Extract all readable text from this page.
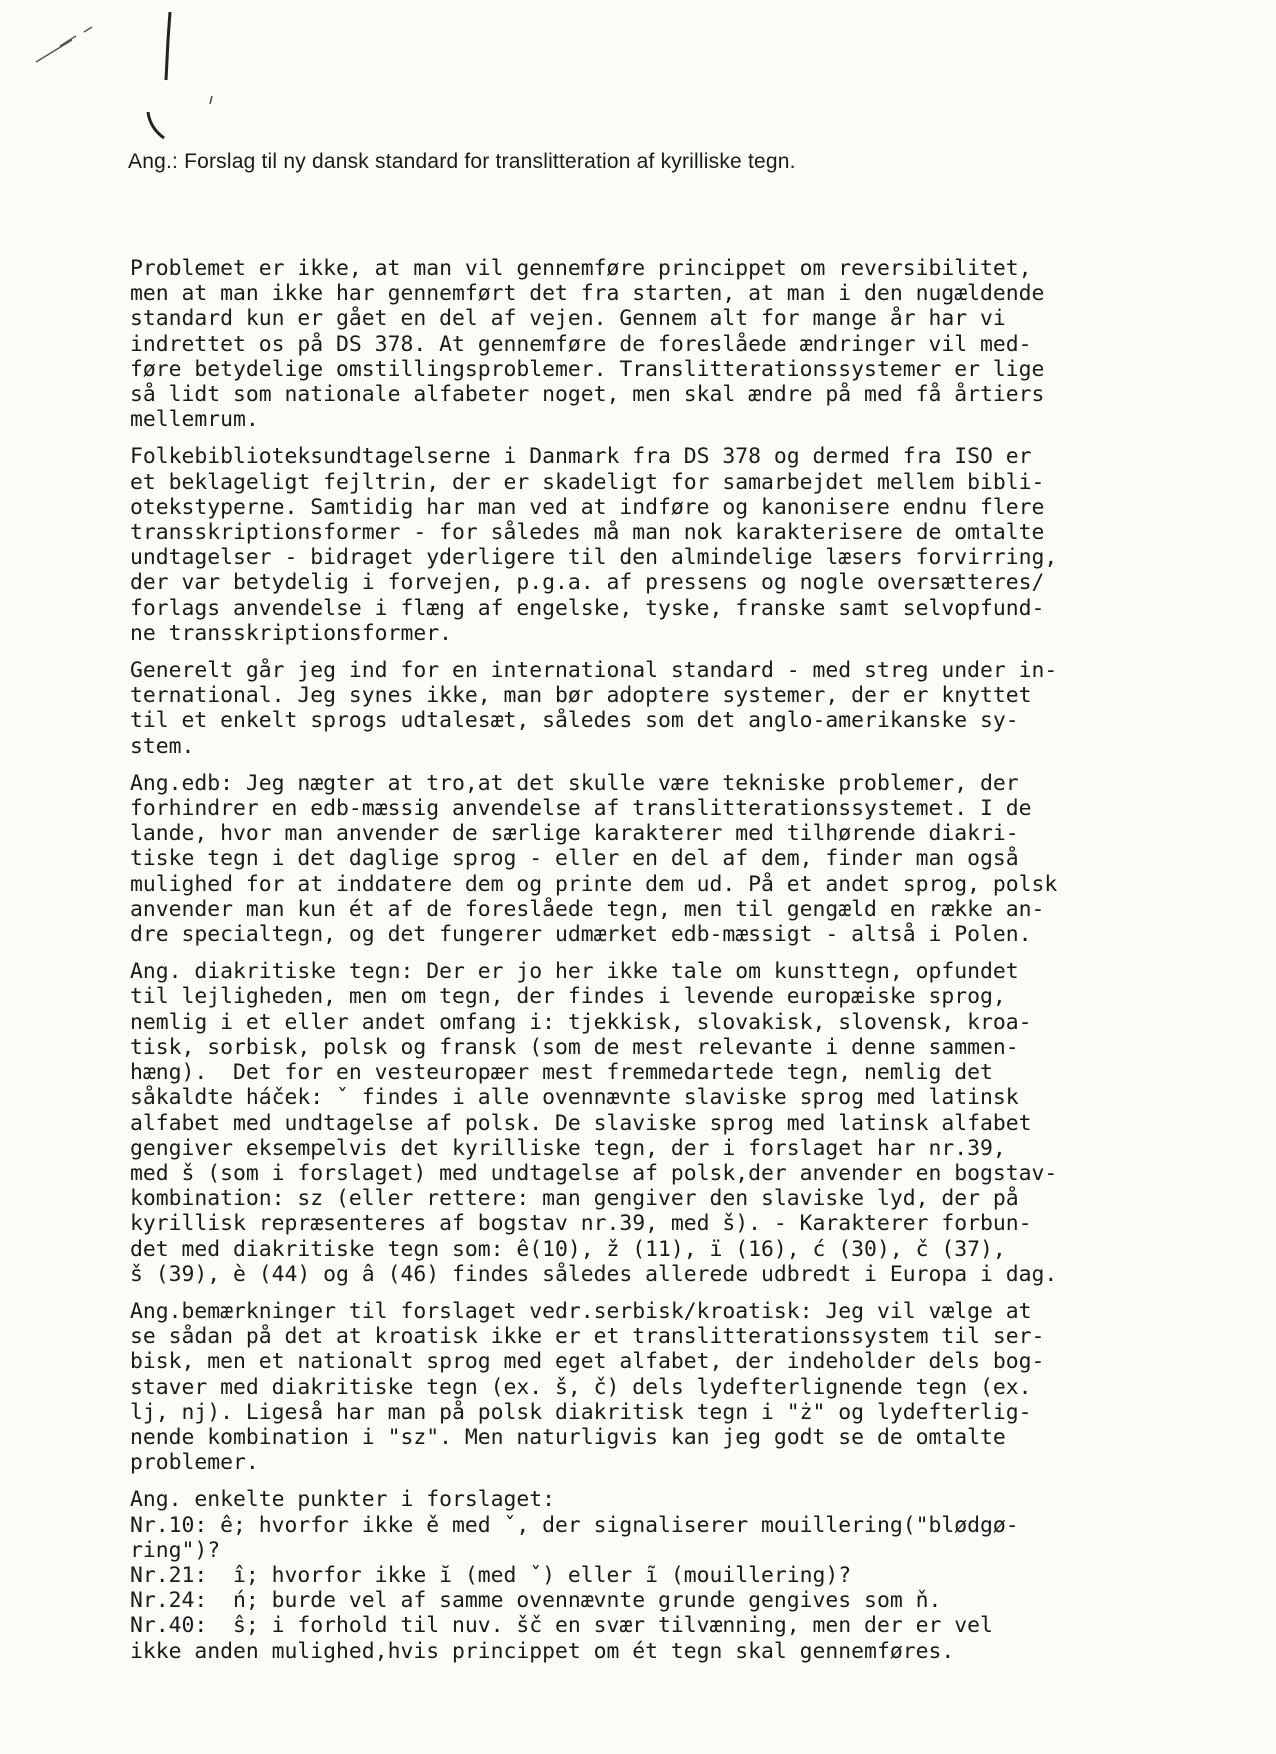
Ang.: Forslag til ny dansk standard for translitteration af kyrilliske tegn.
Problemet er ikke, at man vil gennemføre princippet om reversibilitet,
men at man ikke har gennemført det fra starten, at man i den nugældende
standard kun er gået en del af vejen. Gennem alt for mange år har vi
indrettet os på DS 378. At gennemføre de foreslåede ændringer vil med-
føre betydelige omstillingsproblemer. Translitterationssystemer er lige
så lidt som nationale alfabeter noget, men skal ændre på med få årtiers
mellemrum.
Folkebiblioteksundtagelserne i Danmark fra DS 378 og dermed fra ISO er
et beklageligt fejltrin, der er skadeligt for samarbejdet mellem bibli-
otekstyperne. Samtidig har man ved at indføre og kanonisere endnu flere
transskriptionsformer - for således må man nok karakterisere de omtalte
undtagelser - bidraget yderligere til den almindelige læsers forvirring,
der var betydelig i forvejen, p.g.a. af pressens og nogle oversætteres/
forlags anvendelse i flæng af engelske, tyske, franske samt selvopfund-
ne transskriptionsformer.
Generelt går jeg ind for en international standard - med streg under in-
ternational. Jeg synes ikke, man bør adoptere systemer, der er knyttet
til et enkelt sprogs udtalesæt, således som det anglo-amerikanske sy-
stem.
Ang.edb: Jeg nægter at tro,at det skulle være tekniske problemer, der
forhindrer en edb-mæssig anvendelse af translitterationssystemet. I de
lande, hvor man anvender de særlige karakterer med tilhørende diakri-
tiske tegn i det daglige sprog - eller en del af dem, finder man også
mulighed for at inddatere dem og printe dem ud. På et andet sprog, polsk
anvender man kun ét af de foreslåede tegn, men til gengæld en række an-
dre specialtegn, og det fungerer udmærket edb-mæssigt - altså i Polen.
Ang. diakritiske tegn: Der er jo her ikke tale om kunsttegn, opfundet
til lejligheden, men om tegn, der findes i levende europæiske sprog,
nemlig i et eller andet omfang i: tjekkisk, slovakisk, slovensk, kroa-
tisk, sorbisk, polsk og fransk (som de mest relevante i denne sammen-
hæng).  Det for en vesteuropæer mest fremmedartede tegn, nemlig det
såkaldte háček: ˇ findes i alle ovennævnte slaviske sprog med latinsk
alfabet med undtagelse af polsk. De slaviske sprog med latinsk alfabet
gengiver eksempelvis det kyrilliske tegn, der i forslaget har nr.39,
med š (som i forslaget) med undtagelse af polsk,der anvender en bogstav-
kombination: sz (eller rettere: man gengiver den slaviske lyd, der på
kyrillisk repræsenteres af bogstav nr.39, med š). - Karakterer forbun-
det med diakritiske tegn som: ê(10), ž (11), ï (16), ć (30), č (37),
š (39), è (44) og â (46) findes således allerede udbredt i Europa i dag.
Ang.bemærkninger til forslaget vedr.serbisk/kroatisk: Jeg vil vælge at
se sådan på det at kroatisk ikke er et translitterationssystem til ser-
bisk, men et nationalt sprog med eget alfabet, der indeholder dels bog-
staver med diakritiske tegn (ex. š, č) dels lydefterlignende tegn (ex.
lj, nj). Ligeså har man på polsk diakritisk tegn i "ż" og lydefterlig-
nende kombination i "sz". Men naturligvis kan jeg godt se de omtalte
problemer.
Ang. enkelte punkter i forslaget:
Nr.10: ê; hvorfor ikke ě med ˇ, der signaliserer mouillering("blødgø-
ring")?
Nr.21:  î; hvorfor ikke ĭ (med ˇ) eller ĩ (mouillering)?
Nr.24:  ń; burde vel af samme ovennævnte grunde gengives som ň.
Nr.40:  ŝ; i forhold til nuv. šč en svær tilvænning, men der er vel
ikke anden mulighed,hvis princippet om ét tegn skal gennemføres.
